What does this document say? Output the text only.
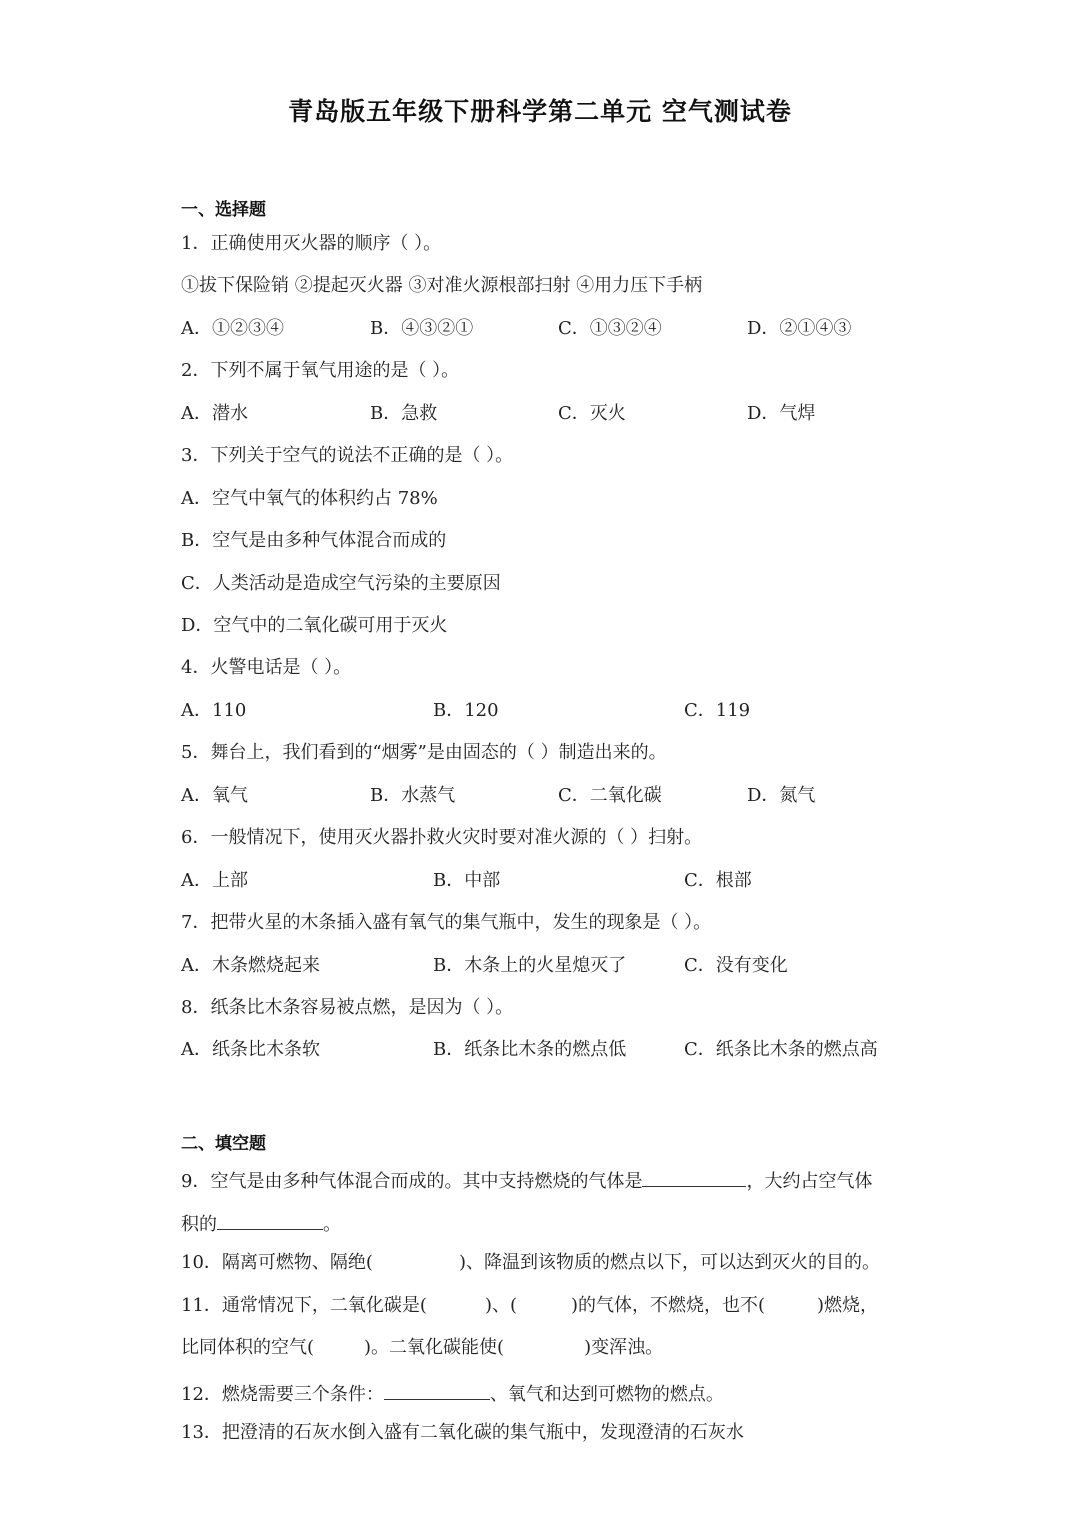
青岛版五年级下册科学第二单元 空气测试卷
一、选择题
1．正确使用灭火器的顺序（ ）。
①拔下保险销 ②提起灭火器 ③对准火源根部扫射 ④用力压下手柄
A．①②③④	B．④③②①	C．①③②④	D．②①④③
2．下列不属于氧气用途的是（ ）。
A．潜水	B．急救	C．灭火	D．气焊
3．下列关于空气的说法不正确的是（ ）。
A．空气中氧气的体积约占 78%
B．空气是由多种气体混合而成的
C．人类活动是造成空气污染的主要原因
D．空气中的二氧化碳可用于灭火
4．火警电话是（ ）。
A．110	B．120	C．119
5．舞台上，我们看到的“烟雾”是由固态的（ ）制造出来的。
A．氧气	B．水蒸气	C．二氧化碳	D．氮气
6．一般情况下，使用灭火器扑救火灾时要对准火源的（ ）扫射。
A．上部	B．中部	C．根部
7．把带火星的木条插入盛有氧气的集气瓶中，发生的现象是（ ）。
A．木条燃烧起来	B．木条上的火星熄灭了	C．没有变化
8．纸条比木条容易被点燃，是因为（ ）。
A．纸条比木条软	B．纸条比木条的燃点低	C．纸条比木条的燃点高
二、填空题
9．空气是由多种气体混合而成的。其中支持燃烧的气体是	，大约占空气体
积的	。
10．隔离可燃物、隔绝(	)、降温到该物质的燃点以下，可以达到灭火的目的。
11．通常情况下，二氧化碳是(	)、(	)的气体，不燃烧，也不(	)燃烧，
比同体积的空气(	)。二氧化碳能使(	)变浑浊。
12．燃烧需要三个条件：	、氧气和达到可燃物的燃点。
13．把澄清的石灰水倒入盛有二氧化碳的集气瓶中，发现澄清的石灰水
